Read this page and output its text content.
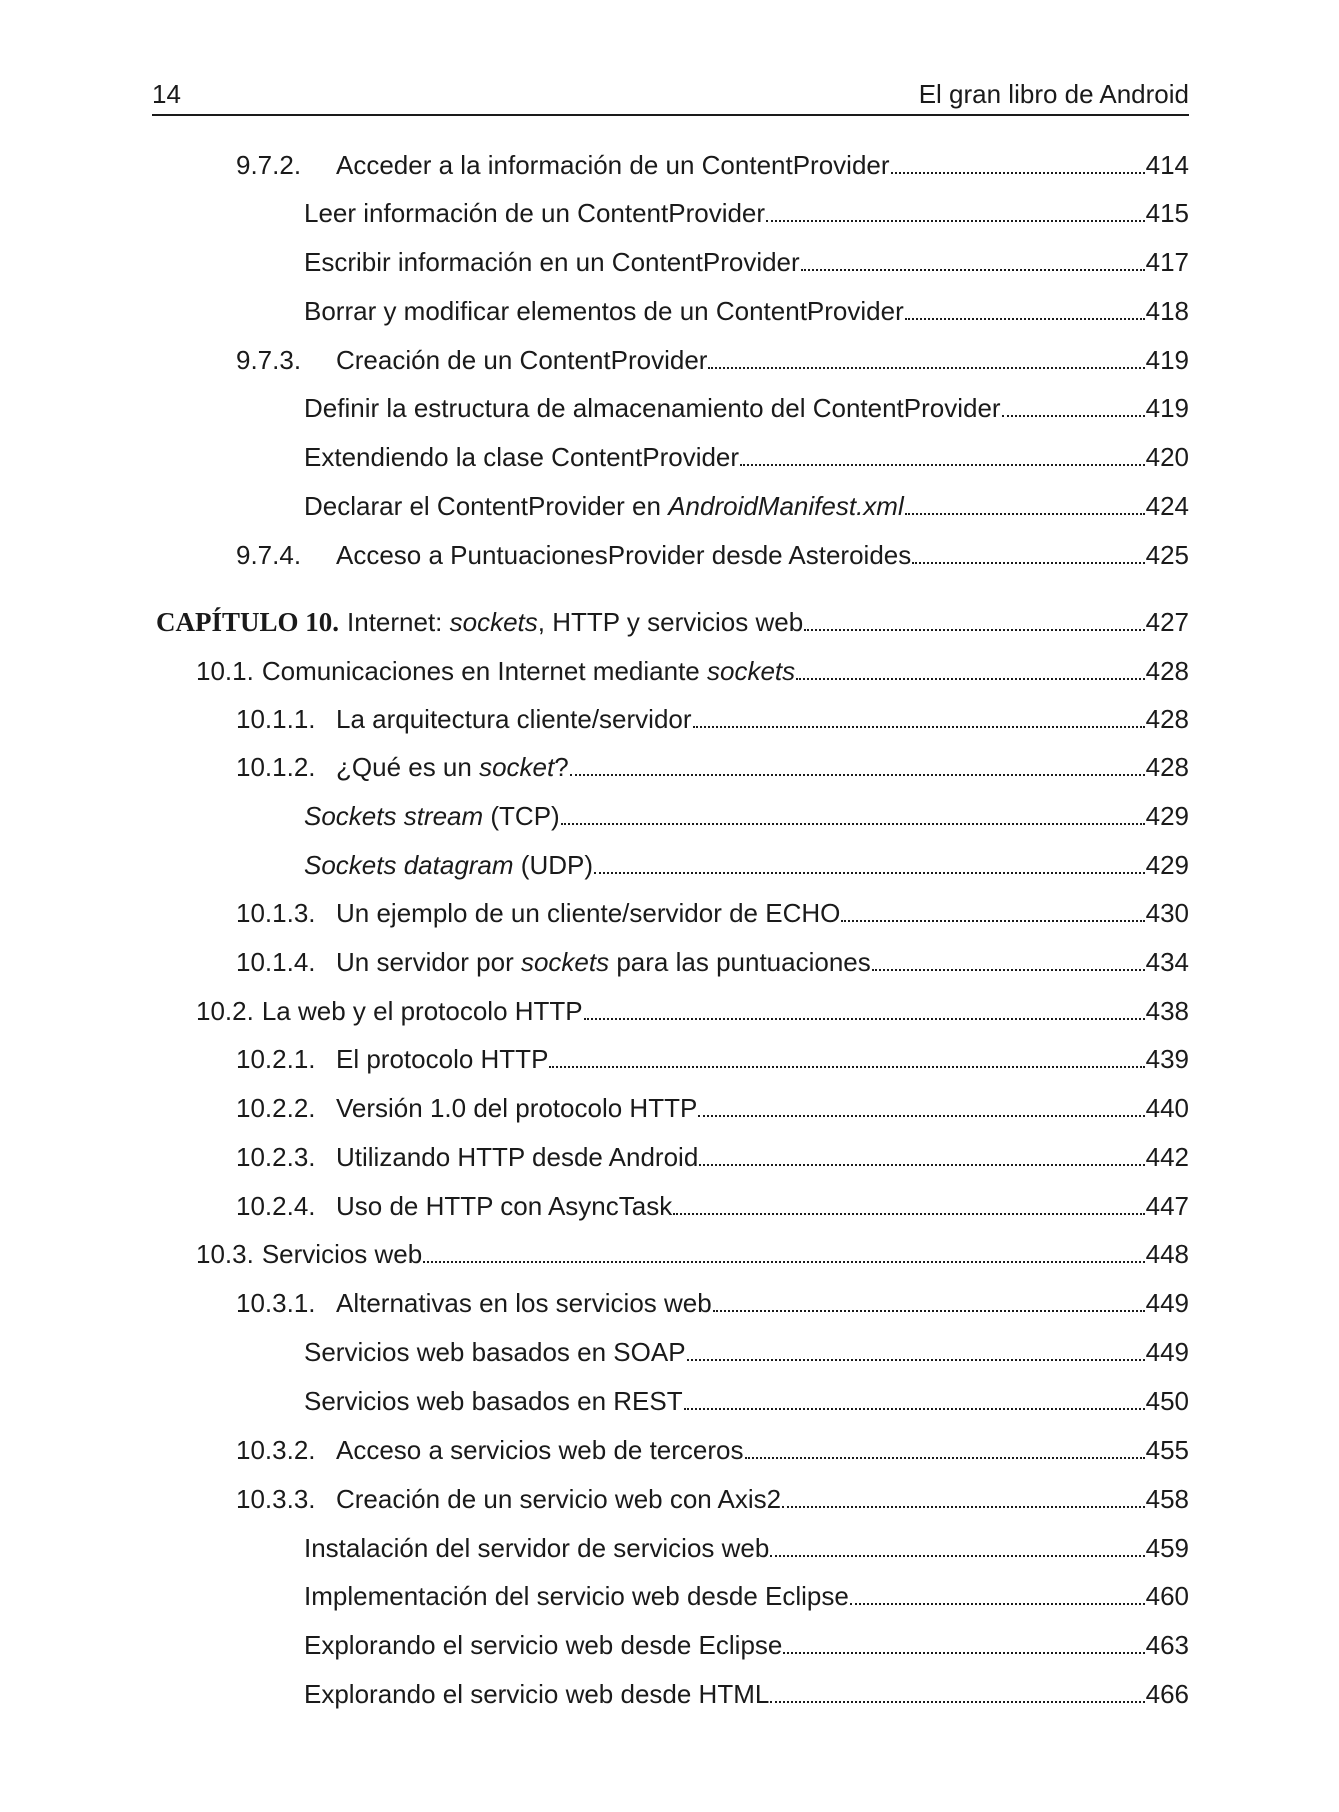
14	El gran libro de Android
9.7.2.	Acceder a la información de un ContentProvider	414
Leer información de un ContentProvider	415
Escribir información en un ContentProvider	417
Borrar y modificar elementos de un ContentProvider	418
9.7.3.	Creación de un ContentProvider	419
Definir la estructura de almacenamiento del ContentProvider	419
Extendiendo la clase ContentProvider	420
Declarar el ContentProvider en AndroidManifest.xml	424
9.7.4.	Acceso a PuntuacionesProvider desde Asteroides	425
CAPÍTULO 10. Internet: sockets, HTTP y servicios web	427
10.1. Comunicaciones en Internet mediante sockets	428
10.1.1. La arquitectura cliente/servidor	428
10.1.2. ¿Qué es un socket?	428
Sockets stream (TCP)	429
Sockets datagram (UDP)	429
10.1.3. Un ejemplo de un cliente/servidor de ECHO	430
10.1.4. Un servidor por sockets para las puntuaciones	434
10.2. La web y el protocolo HTTP	438
10.2.1. El protocolo HTTP	439
10.2.2. Versión 1.0 del protocolo HTTP	440
10.2.3. Utilizando HTTP desde Android	442
10.2.4. Uso de HTTP con AsyncTask	447
10.3. Servicios web	448
10.3.1. Alternativas en los servicios web	449
Servicios web basados en SOAP	449
Servicios web basados en REST	450
10.3.2. Acceso a servicios web de terceros	455
10.3.3. Creación de un servicio web con Axis2	458
Instalación del servidor de servicios web	459
Implementación del servicio web desde Eclipse	460
Explorando el servicio web desde Eclipse	463
Explorando el servicio web desde HTML	466
